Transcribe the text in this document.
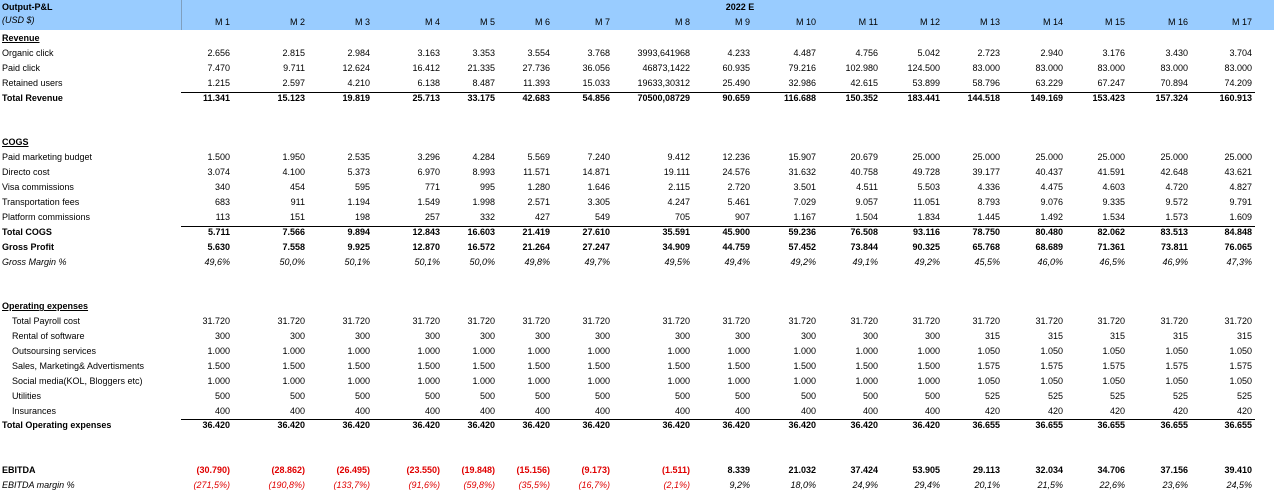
Output-P&L
(USD $)
2022 E
M 1	M 2	M 3	M 4	M 5	M 6	M 7	M 8	M 9	M 10	M 11	M 12	M 13	M 14	M 15	M 16	M 17
Revenue
Organic click	2.656	2.815	2.984	3.163	3.353	3.554	3.768	3993,641968	4.233	4.487	4.756	5.042	2.723	2.940	3.176	3.430	3.704
Paid click	7.470	9.711	12.624	16.412	21.335	27.736	36.056	46873,1422	60.935	79.216	102.980	124.500	83.000	83.000	83.000	83.000	83.000
Retained users	1.215	2.597	4.210	6.138	8.487	11.393	15.033	19633,30312	25.490	32.986	42.615	53.899	58.796	63.229	67.247	70.894	74.209
Total Revenue	11.341	15.123	19.819	25.713	33.175	42.683	54.856	70500,08729	90.659	116.688	150.352	183.441	144.518	149.169	153.423	157.324	160.913
COGS
Paid marketing budget	1.500	1.950	2.535	3.296	4.284	5.569	7.240	9.412	12.236	15.907	20.679	25.000	25.000	25.000	25.000	25.000	25.000
Directo cost	3.074	4.100	5.373	6.970	8.993	11.571	14.871	19.111	24.576	31.632	40.758	49.728	39.177	40.437	41.591	42.648	43.621
Visa commissions	340	454	595	771	995	1.280	1.646	2.115	2.720	3.501	4.511	5.503	4.336	4.475	4.603	4.720	4.827
Transportation fees	683	911	1.194	1.549	1.998	2.571	3.305	4.247	5.461	7.029	9.057	11.051	8.793	9.076	9.335	9.572	9.791
Platform commissions	113	151	198	257	332	427	549	705	907	1.167	1.504	1.834	1.445	1.492	1.534	1.573	1.609
Total COGS	5.711	7.566	9.894	12.843	16.603	21.419	27.610	35.591	45.900	59.236	76.508	93.116	78.750	80.480	82.062	83.513	84.848
Gross Profit	5.630	7.558	9.925	12.870	16.572	21.264	27.247	34.909	44.759	57.452	73.844	90.325	65.768	68.689	71.361	73.811	76.065
Gross Margin %	49,6%	50,0%	50,1%	50,1%	50,0%	49,8%	49,7%	49,5%	49,4%	49,2%	49,1%	49,2%	45,5%	46,0%	46,5%	46,9%	47,3%
Operating expenses
Total Payroll cost	31.720	31.720	31.720	31.720	31.720	31.720	31.720	31.720	31.720	31.720	31.720	31.720	31.720	31.720	31.720	31.720	31.720
Rental of software	300	300	300	300	300	300	300	300	300	300	300	300	315	315	315	315	315
Outsoursing services	1.000	1.000	1.000	1.000	1.000	1.000	1.000	1.000	1.000	1.000	1.000	1.000	1.050	1.050	1.050	1.050	1.050
Sales, Marketing& Advertisments	1.500	1.500	1.500	1.500	1.500	1.500	1.500	1.500	1.500	1.500	1.500	1.500	1.575	1.575	1.575	1.575	1.575
Social media(KOL, Bloggers etc)	1.000	1.000	1.000	1.000	1.000	1.000	1.000	1.000	1.000	1.000	1.000	1.000	1.050	1.050	1.050	1.050	1.050
Utilities	500	500	500	500	500	500	500	500	500	500	500	500	525	525	525	525	525
Insurances	400	400	400	400	400	400	400	400	400	400	400	400	420	420	420	420	420
Total Operating expenses	36.420	36.420	36.420	36.420	36.420	36.420	36.420	36.420	36.420	36.420	36.420	36.420	36.655	36.655	36.655	36.655	36.655
EBITDA	(30.790)	(28.862)	(26.495)	(23.550)	(19.848)	(15.156)	(9.173)	(1.511)	8.339	21.032	37.424	53.905	29.113	32.034	34.706	37.156	39.410
EBITDA margin %	(271,5%)	(190,8%)	(133,7%)	(91,6%)	(59,8%)	(35,5%)	(16,7%)	(2,1%)	9,2%	18,0%	24,9%	29,4%	20,1%	21,5%	22,6%	23,6%	24,5%
